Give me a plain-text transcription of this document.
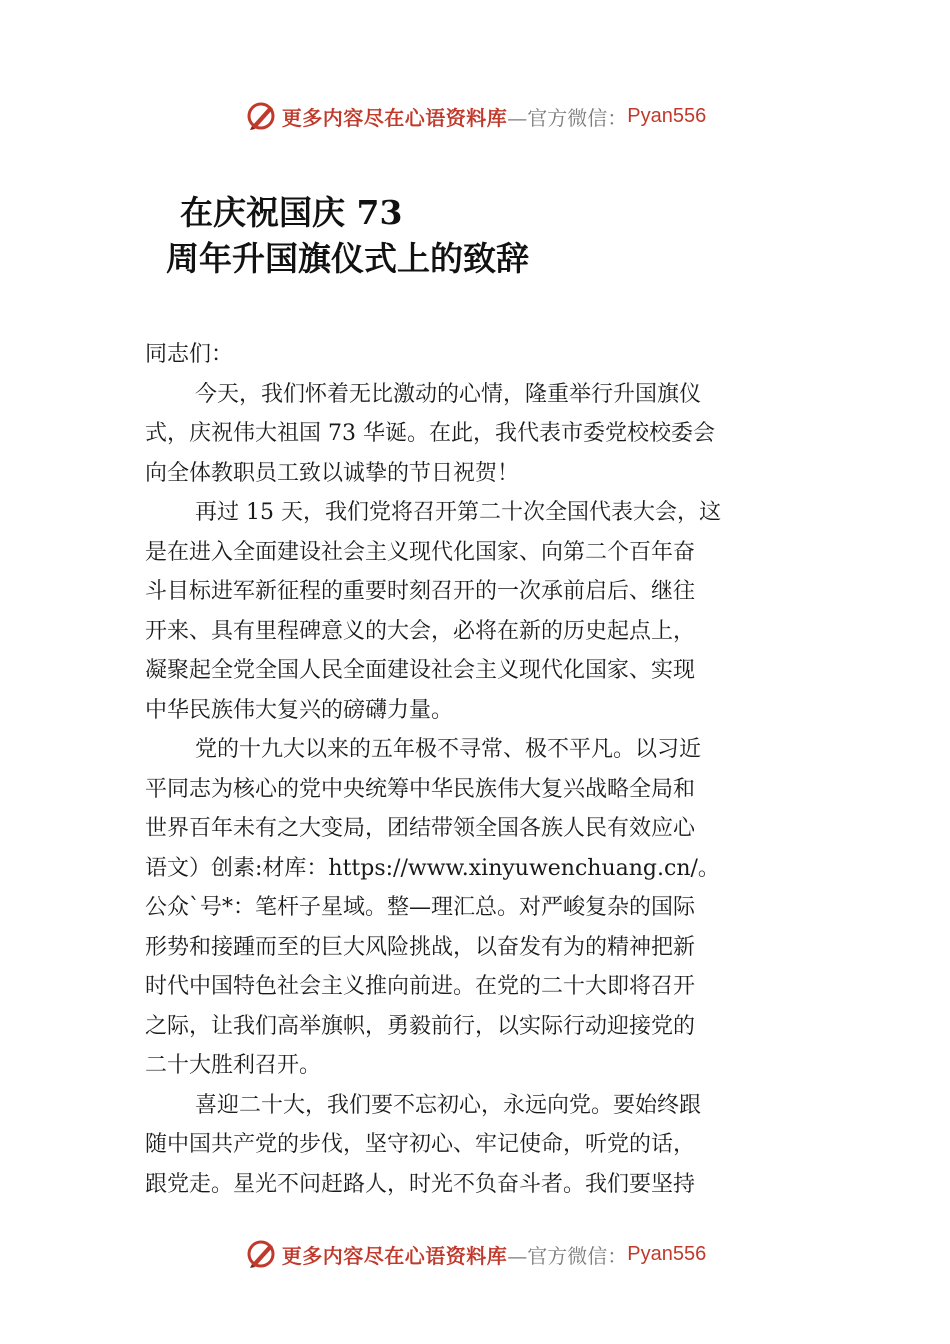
更多内容尽在心语资料库 —官方微信： Pyan556
在庆祝国庆 73
周年升国旗仪式上的致辞
同志们：
今天，我们怀着无比激动的心情，隆重举行升国旗仪
式，庆祝伟大祖国 73 华诞。在此，我代表市委党校校委会
向全体教职员工致以诚挚的节日祝贺！
再过 15 天，我们党将召开第二十次全国代表大会，这
是在进入全面建设社会主义现代化国家、向第二个百年奋
斗目标进军新征程的重要时刻召开的一次承前启后、继往
开来、具有里程碑意义的大会，必将在新的历史起点上，
凝聚起全党全国人民全面建设社会主义现代化国家、实现
中华民族伟大复兴的磅礴力量。
党的十九大以来的五年极不寻常、极不平凡。以习近
平同志为核心的党中央统筹中华民族伟大复兴战略全局和
世界百年未有之大变局，团结带领全国各族人民有效应心
语文）创素:材库：https://www.xinyuwenchuang.cn/。
公众`号*：笔杆子星域。整—理汇总。对严峻复杂的国际
形势和接踵而至的巨大风险挑战，以奋发有为的精神把新
时代中国特色社会主义推向前进。在党的二十大即将召开
之际，让我们高举旗帜，勇毅前行，以实际行动迎接党的
二十大胜利召开。
喜迎二十大，我们要不忘初心，永远向党。要始终跟
随中国共产党的步伐，坚守初心、牢记使命，听党的话，
跟党走。星光不问赶路人，时光不负奋斗者。我们要坚持
更多内容尽在心语资料库 —官方微信： Pyan556
